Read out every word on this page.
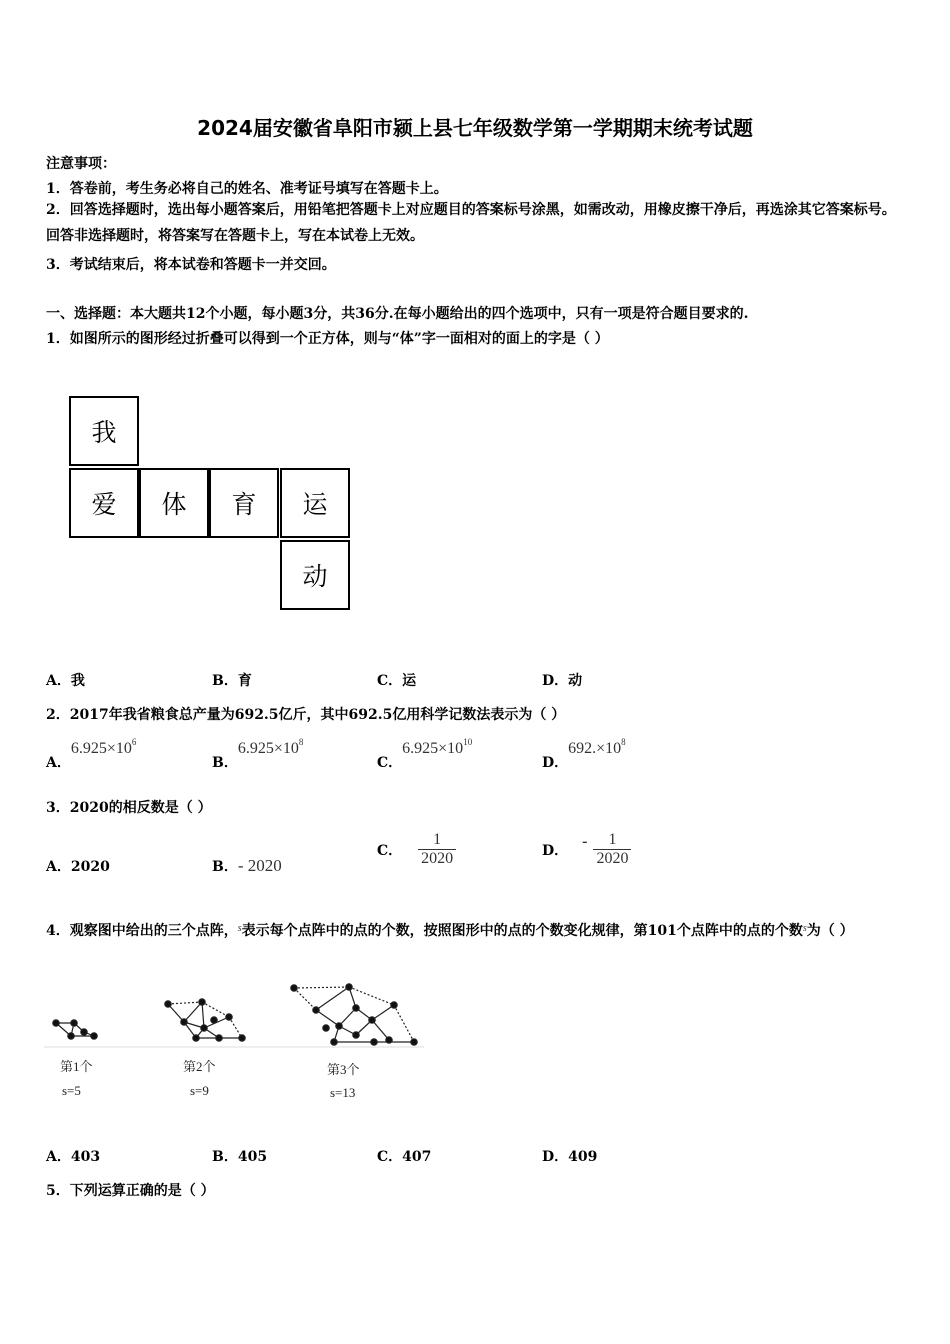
2024届安徽省阜阳市颍上县七年级数学第一学期期末统考试题
注意事项：
1．答卷前，考生务必将自己的姓名、准考证号填写在答题卡上。
2．回答选择题时，选出每小题答案后，用铅笔把答题卡上对应题目的答案标号涂黑，如需改动，用橡皮擦干净后，再选涂其它答案标号。回答非选择题时，将答案写在答题卡上，写在本试卷上无效。
3．考试结束后，将本试卷和答题卡一并交回。
一、选择题：本大题共12个小题，每小题3分，共36分.在每小题给出的四个选项中，只有一项是符合题目要求的.
1．如图所示的图形经过折叠可以得到一个正方体，则与“体”字一面相对的面上的字是（ ）
我
爱	体	育	运
动
A．我	B．育	C．运	D．动
2．2017年我省粮食总产量为692.5亿斤，其中692.5亿用科学记数法表示为（ ）
A．$6.925\times 10^6$
B．$6.925\times 10^8$
C．$6.925\times 10^{10}$
D．$692.\times 10^8$
3．2020的相反数是（ ）
A．2020	B．- 2020
C． $\frac{1}{2020}$	D．
- $\frac{1}{2020}$
4．观察图中给出的三个点阵，$^s$表示每个点阵中的点的个数，按照图形中的点的个数变化规律，第101个点阵中的点的个数$^s$为（ ）
第1个
s=5
第2个
s=9
第3个
s=13
A．403	B．405	C．407	D．409
5．下列运算正确的是（ ）
